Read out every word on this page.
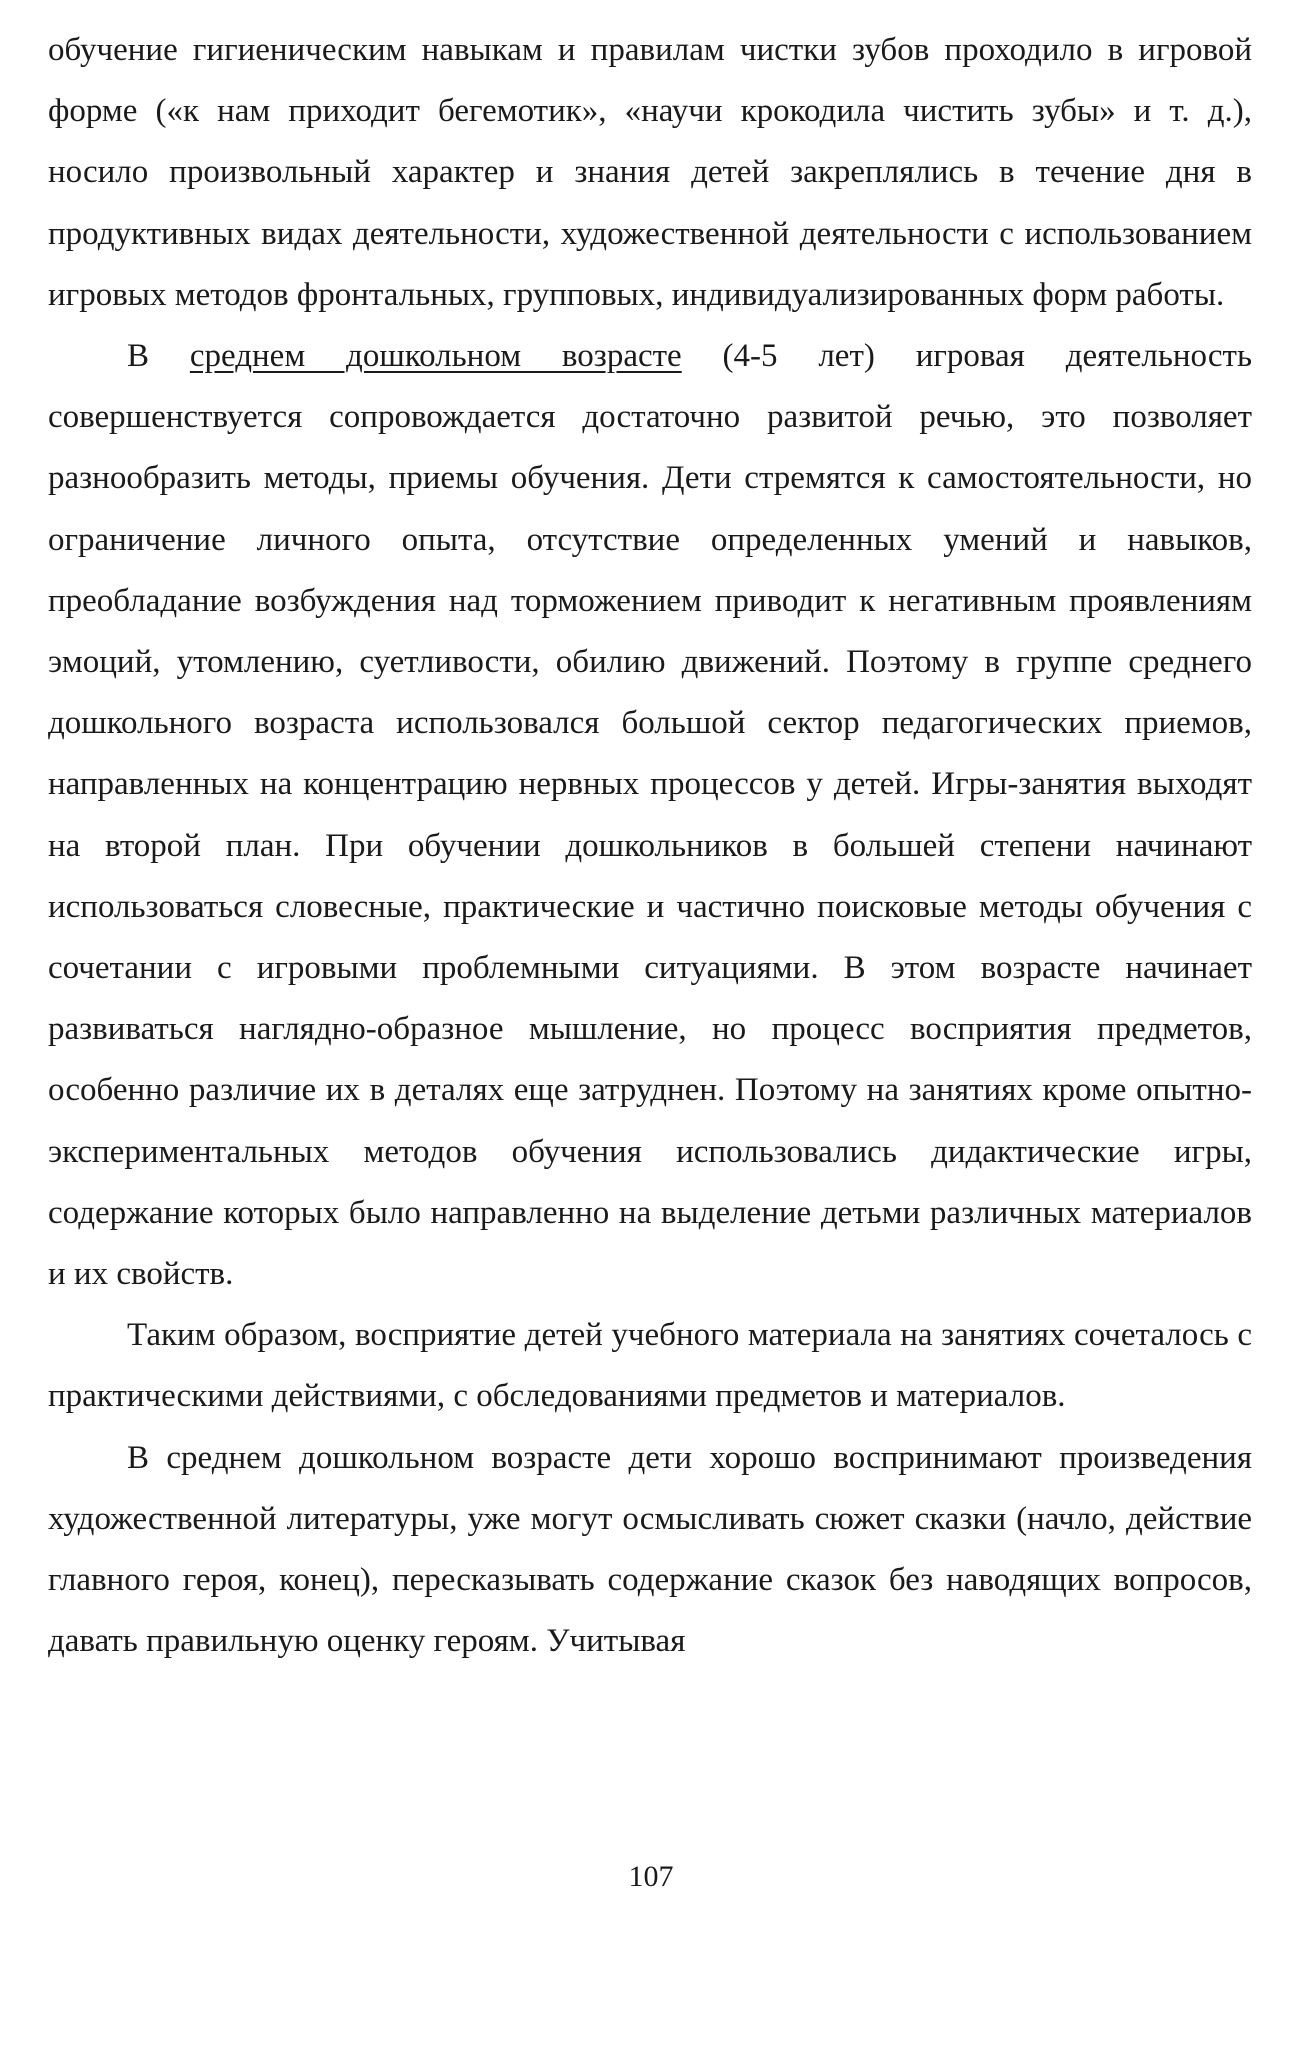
обучение гигиеническим навыкам и правилам чистки зубов проходило в игровой форме («к нам приходит бегемотик», «научи крокодила чистить зубы» и т. д.), носило произвольный характер и знания детей закреплялись в течение дня в продуктивных видах деятельности, художественной деятельности с использованием игровых методов фронтальных, групповых, индивидуализированных форм работы.

В среднем дошкольном возрасте (4-5 лет) игровая деятельность совершенствуется сопровождается достаточно развитой речью, это позволяет разнообразить методы, приемы обучения. Дети стремятся к самостоятельности, но ограничение личного опыта, отсутствие определенных умений и навыков, преобладание возбуждения над торможением приводит к негативным проявлениям эмоций, утомлению, суетливости, обилию движений. Поэтому в группе среднего дошкольного возраста использовался большой сектор педагогических приемов, направленных на концентрацию нервных процессов у детей. Игры-занятия выходят на второй план. При обучении дошкольников в большей степени начинают использоваться словесные, практические и частично поисковые методы обучения с сочетании с игровыми проблемными ситуациями. В этом возрасте начинает развиваться наглядно-образное мышление, но процесс восприятия предметов, особенно различие их в деталях еще затруднен. Поэтому на занятиях кроме опытно-экспериментальных методов обучения использовались дидактические игры, содержание которых было направленно на выделение детьми различных материалов и их свойств.

Таким образом, восприятие детей учебного материала на занятиях сочеталось с практическими действиями, с обследованиями предметов и материалов.

В среднем дошкольном возрасте дети хорошо воспринимают произведения художественной литературы, уже могут осмысливать сюжет сказки (начло, действие главного героя, конец), пересказывать содержание сказок без наводящих вопросов, давать правильную оценку героям. Учитывая

107
